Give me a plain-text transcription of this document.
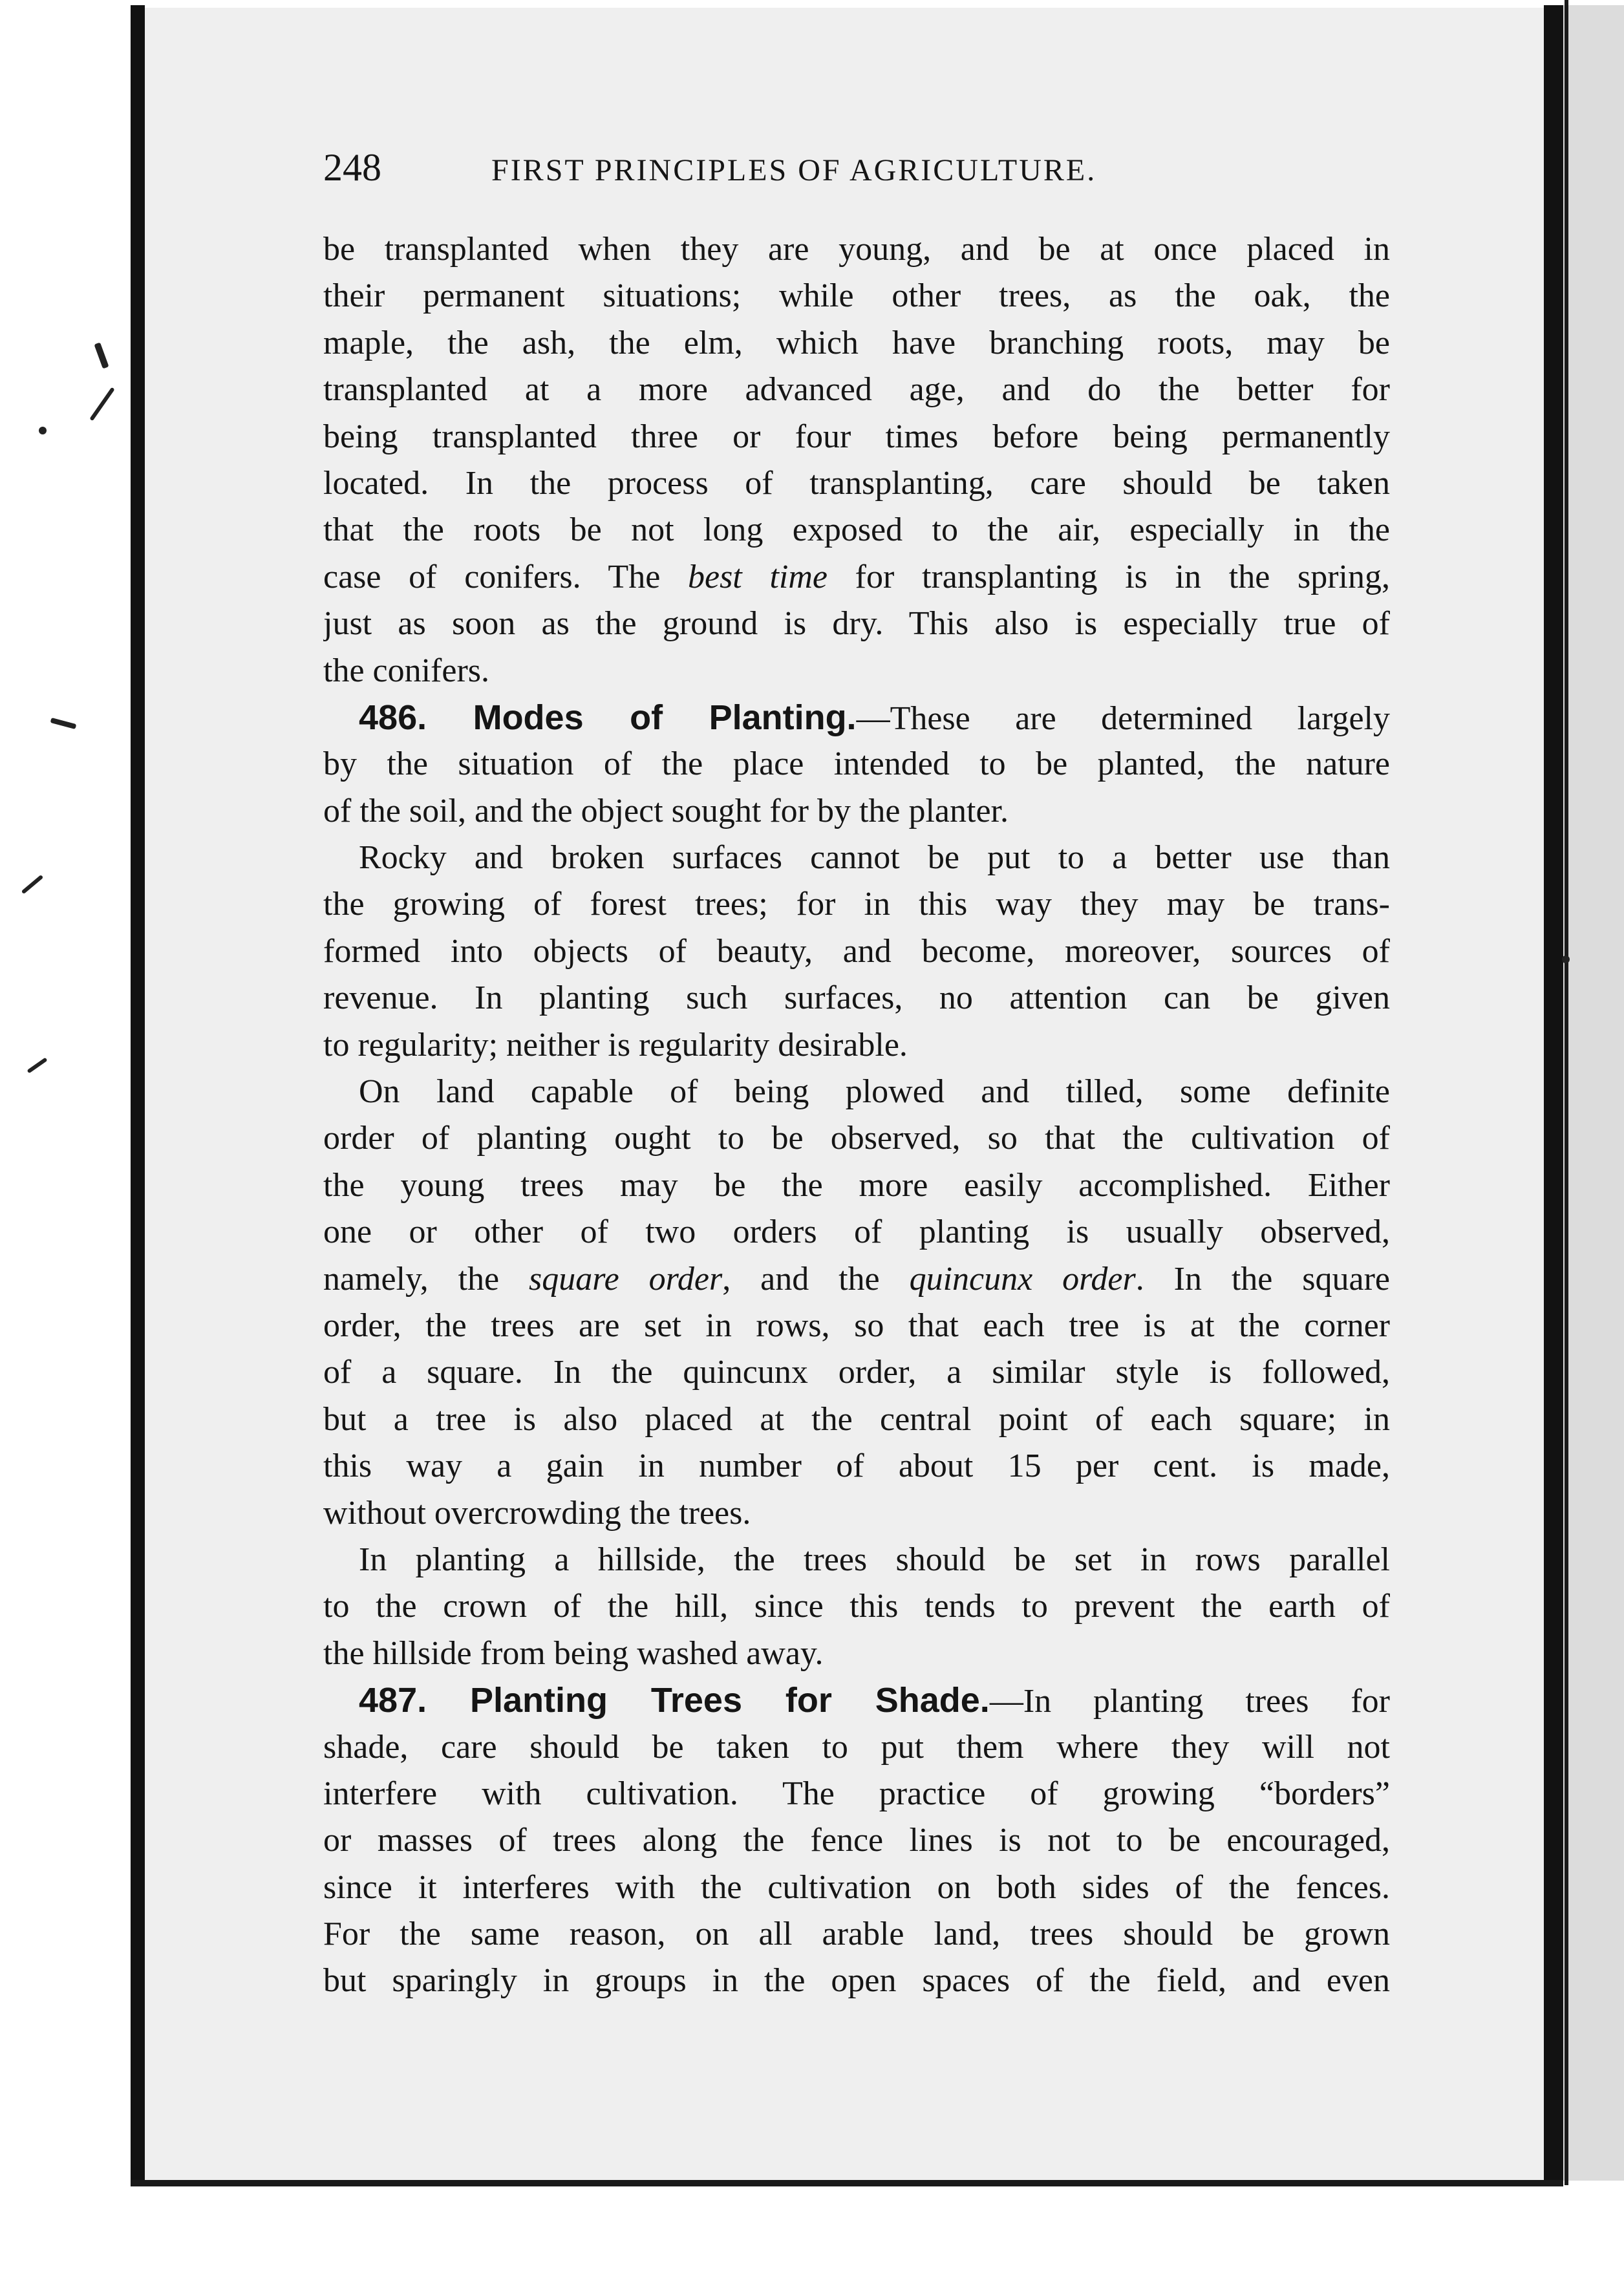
248	FIRST PRINCIPLES OF AGRICULTURE.
be transplanted when they are young, and be at once placed in
their permanent situations; while other trees, as the oak, the
maple, the ash, the elm, which have branching roots, may be
transplanted at a more advanced age, and do the better for
being transplanted three or four times before being permanently
located. In the process of transplanting, care should be taken
that the roots be not long exposed to the air, especially in the
case of conifers. The best time for transplanting is in the spring,
just as soon as the ground is dry. This also is especially true of
the conifers.
486. Modes of Planting.—These are determined largely
by the situation of the place intended to be planted, the nature
of the soil, and the object sought for by the planter.
Rocky and broken surfaces cannot be put to a better use than
the growing of forest trees; for in this way they may be trans-
formed into objects of beauty, and become, moreover, sources of
revenue. In planting such surfaces, no attention can be given
to regularity; neither is regularity desirable.
On land capable of being plowed and tilled, some definite
order of planting ought to be observed, so that the cultivation of
the young trees may be the more easily accomplished. Either
one or other of two orders of planting is usually observed,
namely, the square order, and the quincunx order. In the square
order, the trees are set in rows, so that each tree is at the corner
of a square. In the quincunx order, a similar style is followed,
but a tree is also placed at the central point of each square; in
this way a gain in number of about 15 per cent. is made,
without overcrowding the trees.
In planting a hillside, the trees should be set in rows parallel
to the crown of the hill, since this tends to prevent the earth of
the hillside from being washed away.
487. Planting Trees for Shade.—In planting trees for
shade, care should be taken to put them where they will not
interfere with cultivation. The practice of growing “borders”
or masses of trees along the fence lines is not to be encouraged,
since it interferes with the cultivation on both sides of the fences.
For the same reason, on all arable land, trees should be grown
but sparingly in groups in the open spaces of the field, and even
